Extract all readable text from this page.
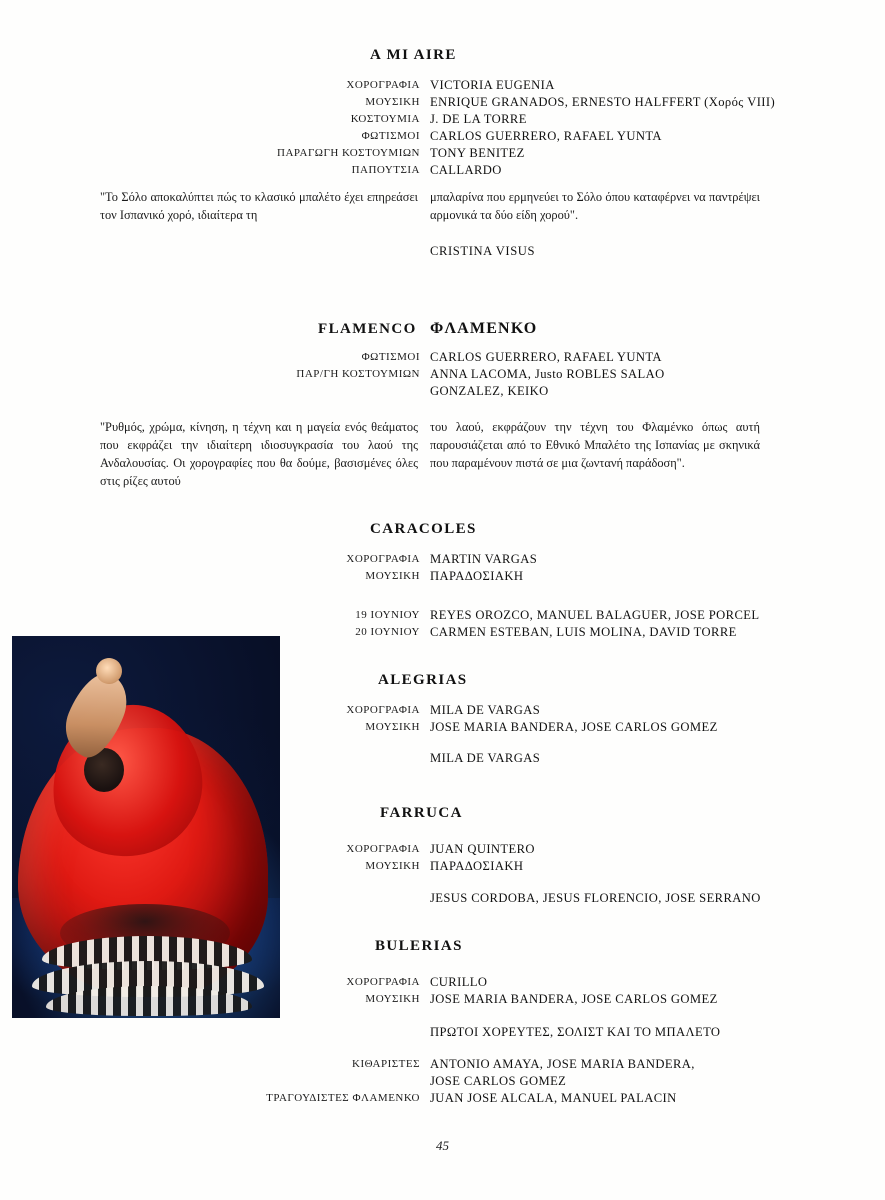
A MI AIRE
ΧΟΡΟΓΡΑΦΙΑ VICTORIA EUGENIA
ΜΟΥΣΙΚΗ ENRIQUE GRANADOS, ERNESTO HALFFERT (Χορός VIII)
ΚΟΣΤΟΥΜΙΑ J. DE LA TORRE
ΦΩΤΙΣΜΟΙ CARLOS GUERRERO, RAFAEL YUNTA
ΠΑΡΑΓΩΓΗ ΚΟΣΤΟΥΜΙΩΝ TONY BENITEZ
ΠΑΠΟΥΤΣΙΑ CALLARDO
"Το Σόλο αποκαλύπτει πώς το κλασικό μπαλέτο έχει επηρεάσει τον Ισπανικό χορό, ιδιαίτερα τη
μπαλαρίνα που ερμηνεύει το Σόλο όπου καταφέρνει να παντρέψει αρμονικά τα δύο είδη χορού".
CRISTINA VISUS
FLAMENCO ΦΛΑΜΕΝΚΟ
ΦΩΤΙΣΜΟΙ CARLOS GUERRERO, RAFAEL YUNTA
ΠΑΡ/ΓΗ ΚΟΣΤΟΥΜΙΩΝ ANNA LACOMA, Justo ROBLES SALAO
GONZALEZ, KEIKO
"Ρυθμός, χρώμα, κίνηση, η τέχνη και η μαγεία ενός θεάματος που εκφράζει την ιδιαίτερη ιδιοσυγκρασία του λαού της Ανδαλουσίας. Οι χορογραφίες που θα δούμε, βασισμένες όλες στις ρίζες αυτού
του λαού, εκφράζουν την τέχνη του Φλαμένκο όπως αυτή παρουσιάζεται από το Εθνικό Μπαλέτο της Ισπανίας με σκηνικά που παραμένουν πιστά σε μια ζωντανή παράδοση".
CARACOLES
ΧΟΡΟΓΡΑΦΙΑ MARTIN VARGAS
ΜΟΥΣΙΚΗ ΠΑΡΑΔΟΣΙΑΚΗ
19 ΙΟΥΝΙΟΥ REYES OROZCO, MANUEL BALAGUER, JOSE PORCEL
20 ΙΟΥΝΙΟΥ CARMEN ESTEBAN, LUIS MOLINA, DAVID TORRE
ALEGRIAS
ΧΟΡΟΓΡΑΦΙΑ MILA DE VARGAS
ΜΟΥΣΙΚΗ JOSE MARIA BANDERA, JOSE CARLOS GOMEZ
MILA DE VARGAS
FARRUCA
ΧΟΡΟΓΡΑΦΙΑ JUAN QUINTERO
ΜΟΥΣΙΚΗ ΠΑΡΑΔΟΣΙΑΚΗ
JESUS CORDOBA, JESUS FLORENCIO, JOSE SERRANO
BULERIAS
ΧΟΡΟΓΡΑΦΙΑ CURILLO
ΜΟΥΣΙΚΗ JOSE MARIA BANDERA, JOSE CARLOS GOMEZ
ΠΡΩΤΟΙ ΧΟΡΕΥΤΕΣ, ΣΟΛΙΣΤ ΚΑΙ ΤΟ ΜΠΑΛΕΤΟ
ΚΙΘΑΡΙΣΤΕΣ ANTONIO AMAYA, JOSE MARIA BANDERA,
JOSE CARLOS GOMEZ
ΤΡΑΓΟΥΔΙΣΤΕΣ ΦΛΑΜΕΝΚΟ JUAN JOSE ALCALA, MANUEL PALACIN
45
